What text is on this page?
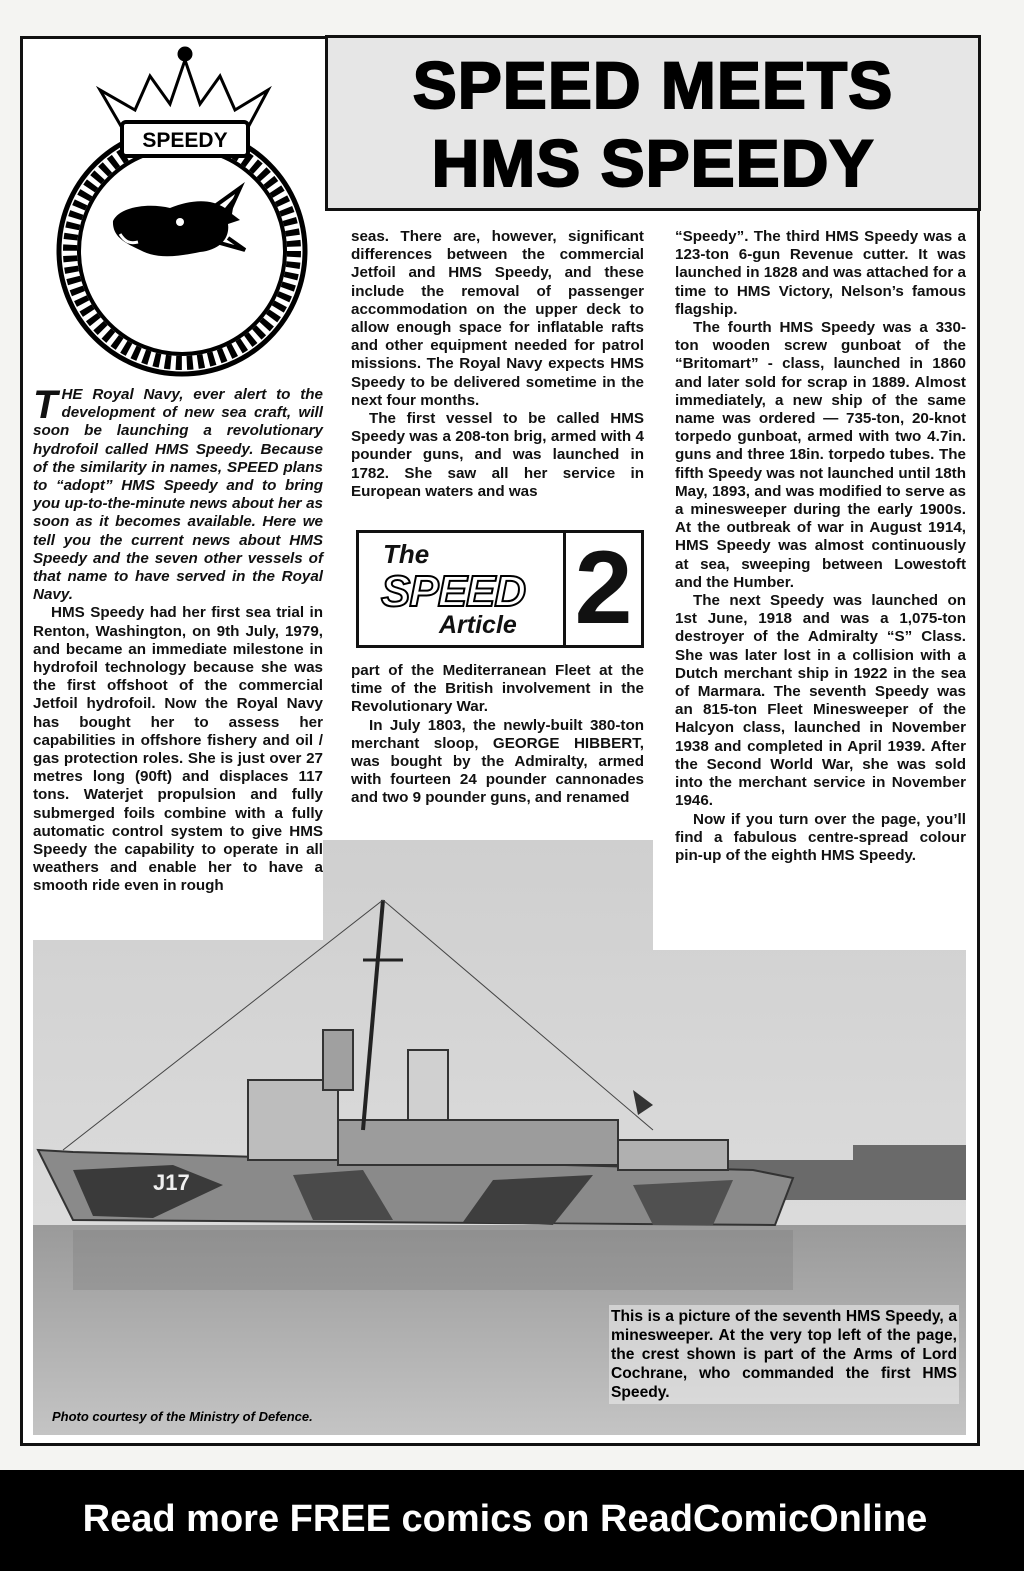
SPEED MEETS
HMS SPEEDY
SPEEDY

THE Royal Navy, ever alert to the development of new sea craft, will soon be launching a revolutionary hydrofoil called HMS Speedy. Because of the similarity in names, SPEED plans to “adopt” HMS Speedy and to bring you up-to-the-minute news about her as soon as it becomes available. Here we tell you the current news about HMS Speedy and the seven other vessels of that name to have served in the Royal Navy.

HMS Speedy had her first sea trial in Renton, Washington, on 9th July, 1979, and became an immediate milestone in hydrofoil technology because she was the first offshoot of the commercial Jetfoil hydrofoil. Now the Royal Navy has bought her to assess her capabilities in offshore fishery and oil / gas protection roles. She is just over 27 metres long (90ft) and displaces 117 tons. Waterjet propulsion and fully submerged foils combine with a fully automatic control system to give HMS Speedy the capability to operate in all weathers and enable her to have a smooth ride even in rough

seas. There are, however, significant differences between the commercial Jetfoil and HMS Speedy, and these include the removal of passenger accommodation on the upper deck to allow enough space for inflatable rafts and other equipment needed for patrol missions. The Royal Navy expects HMS Speedy to be delivered sometime in the next four months.

The first vessel to be called HMS Speedy was a 208-ton brig, armed with 4 pounder guns, and was launched in 1782. She saw all her service in European waters and was

The
SPEED
Article 2

part of the Mediterranean Fleet at the time of the British involvement in the Revolutionary War.

In July 1803, the newly-built 380-ton merchant sloop, GEORGE HIBBERT, was bought by the Admiralty, armed with fourteen 24 pounder cannonades and two 9 pounder guns, and renamed

“Speedy”. The third HMS Speedy was a 123-ton 6-gun Revenue cutter. It was launched in 1828 and was attached for a time to HMS Victory, Nelson’s famous flagship.

The fourth HMS Speedy was a 330-ton wooden screw gunboat of the “Britomart” - class, launched in 1860 and later sold for scrap in 1889. Almost immediately, a new ship of the same name was ordered — 735-ton, 20-knot torpedo gunboat, armed with two 4.7in. guns and three 18in. torpedo tubes. The fifth Speedy was not launched until 18th May, 1893, and was modified to serve as a minesweeper during the early 1900s. At the outbreak of war in August 1914, HMS Speedy was almost continuously at sea, sweeping between Lowestoft and the Humber.

The next Speedy was launched on 1st June, 1918 and was a 1,075-ton destroyer of the Admiralty “S” Class. She was later lost in a collision with a Dutch merchant ship in 1922 in the sea of Marmara. The seventh Speedy was an 815-ton Fleet Minesweeper of the Halcyon class, launched in November 1938 and completed in April 1939. After the Second World War, she was sold into the merchant service in November 1946.

Now if you turn over the page, you’ll find a fabulous centre-spread colour pin-up of the eighth HMS Speedy.

J17
This is a picture of the seventh HMS Speedy, a minesweeper. At the very top left of the page, the crest shown is part of the Arms of Lord Cochrane, who commanded the first HMS Speedy.
Photo courtesy of the Ministry of Defence.
Read more FREE comics on ReadComicOnline
